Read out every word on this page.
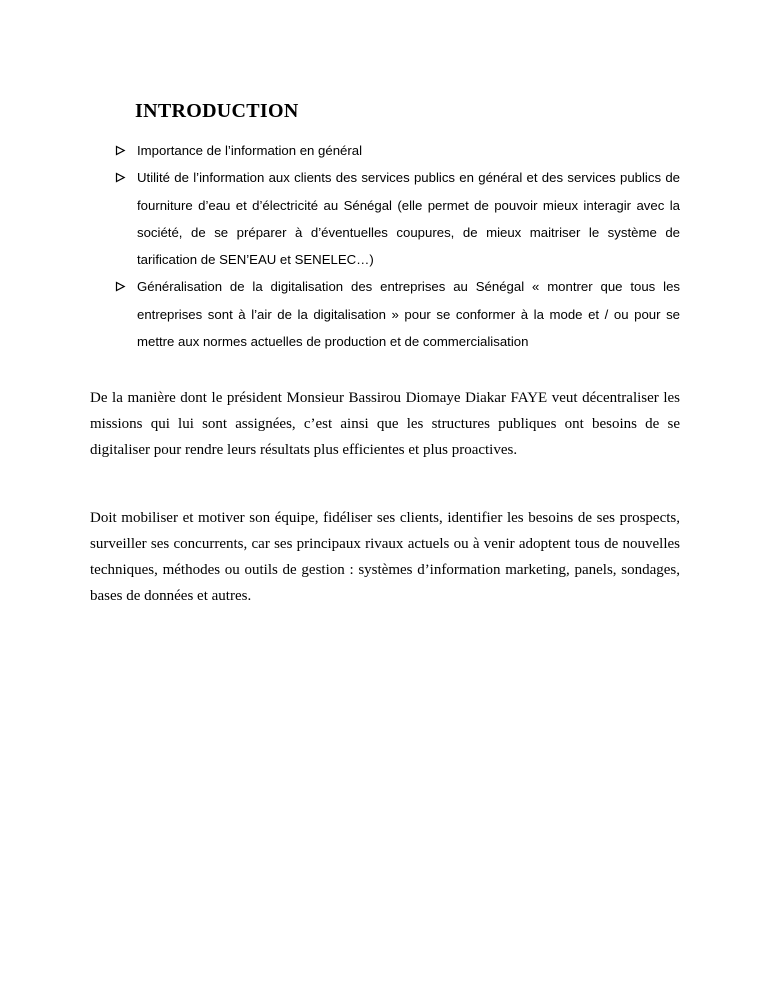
INTRODUCTION
Importance de l’information en général
Utilité de l’information aux clients des services publics en général et des services publics de fourniture d’eau et d’électricité au Sénégal (elle permet de pouvoir mieux interagir avec la société, de se préparer à d’éventuelles coupures, de mieux maitriser le système de tarification de SEN’EAU et SENELEC…)
Généralisation de la digitalisation des entreprises au Sénégal « montrer que tous les entreprises sont à l’air de la digitalisation » pour se conformer à la mode et / ou pour se mettre aux normes actuelles de production et de commercialisation

De la manière dont le président Monsieur Bassirou Diomaye Diakar FAYE veut décentraliser les missions qui lui sont assignées, c’est ainsi que les structures publiques ont besoins de se digitaliser pour rendre leurs résultats plus efficientes et plus proactives.

Doit mobiliser et motiver son équipe, fidéliser ses clients, identifier les besoins de ses prospects, surveiller ses concurrents, car ses principaux rivaux actuels ou à venir adoptent tous de nouvelles techniques, méthodes ou outils de gestion : systèmes d’information marketing, panels, sondages, bases de données et autres.
